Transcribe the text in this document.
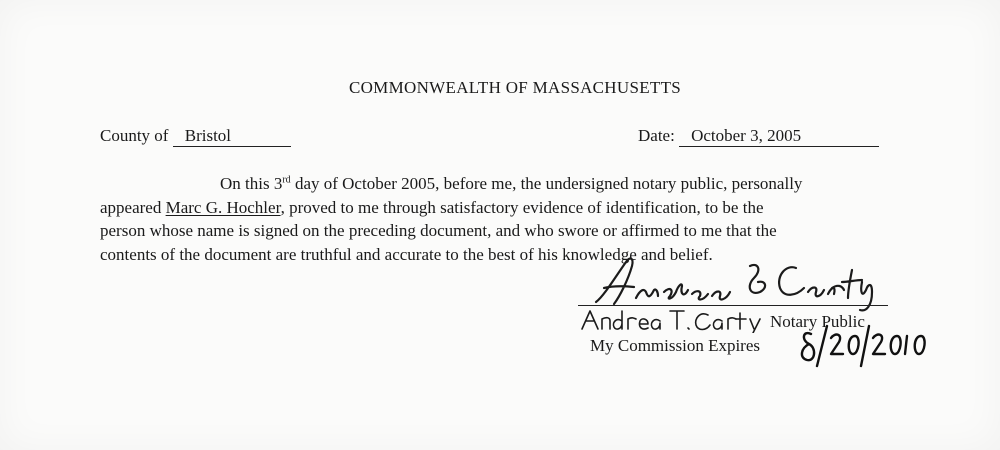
COMMONWEALTH OF MASSACHUSETTS
County of Bristol	Date: October 3, 2005
On this 3rd day of October 2005, before me, the undersigned notary public, personally
appeared Marc G. Hochler, proved to me through satisfactory evidence of identification, to be the
person whose name is signed on the preceding document, and who swore or affirmed to me that the
contents of the document are truthful and accurate to the best of his knowledge and belief.
Notary Public
My Commission Expires
